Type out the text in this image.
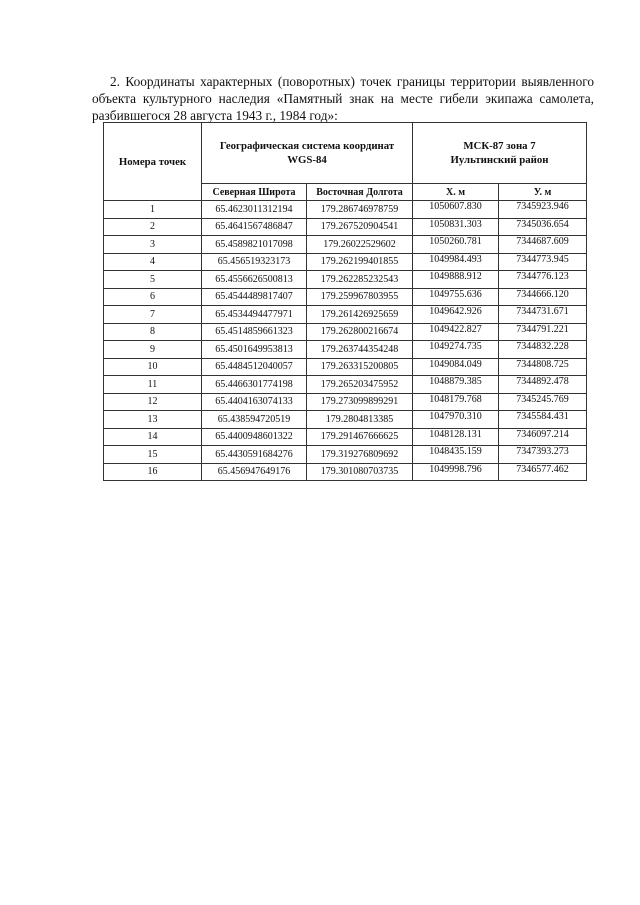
2. Координаты характерных (поворотных) точек границы территории выявленного объекта культурного наследия «Памятный знак на месте гибели экипажа самолета, разбившегося 28 августа 1943 г., 1984 год»:

Номера точек	Географическая система координат
WGS-84		МСК-87 зона 7
Иультинский район	
	Северная Широта	Восточная Долгота	Х. м	У. м
1	65.4623011312194	179.286746978759	1050607.830	7345923.946
2	65.4641567486847	179.267520904541	1050831.303	7345036.654
3	65.4589821017098	179.26022529602	1050260.781	7344687.609
4	65.456519323173	179.262199401855	1049984.493	7344773.945
5	65.4556626500813	179.262285232543	1049888.912	7344776.123
6	65.4544489817407	179.259967803955	1049755.636	7344666.120
7	65.4534494477971	179.261426925659	1049642.926	7344731.671
8	65.4514859661323	179.262800216674	1049422.827	7344791.221
9	65.4501649953813	179.263744354248	1049274.735	7344832.228
10	65.4484512040057	179.263315200805	1049084.049	7344808.725
11	65.4466301774198	179.265203475952	1048879.385	7344892.478
12	65.4404163074133	179.273099899291	1048179.768	7345245.769
13	65.438594720519	179.2804813385	1047970.310	7345584.431
14	65.4400948601322	179.291467666625	1048128.131	7346097.214
15	65.4430591684276	179.319276809692	1048435.159	7347393.273
16	65.456947649176	179.301080703735	1049998.796	7346577.462
